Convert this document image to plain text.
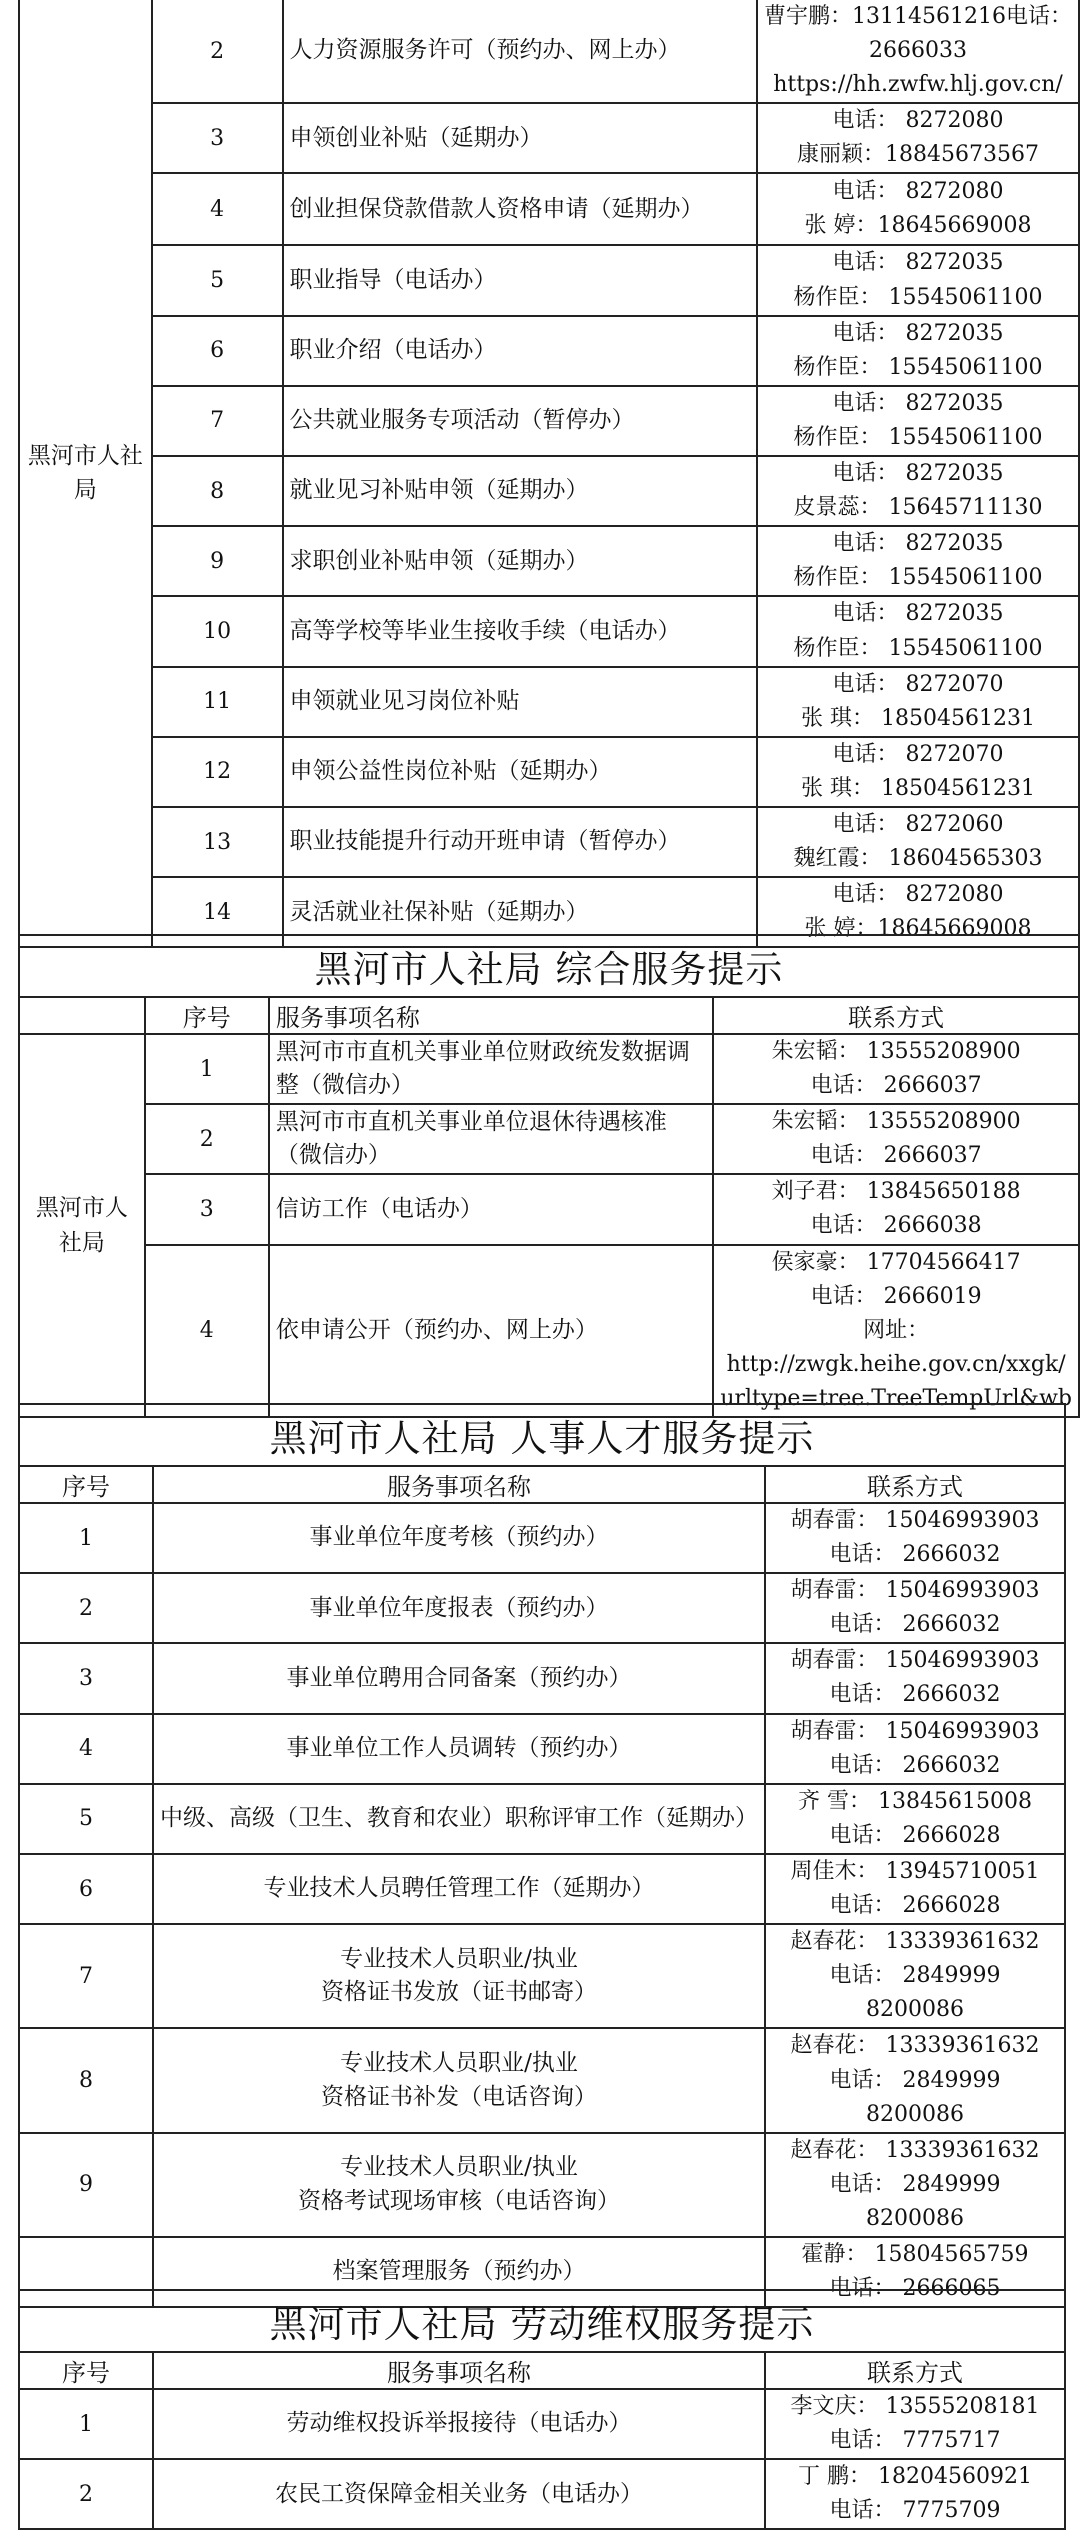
黑河市人社局	2	人力资源服务许可（预约办、网上办）	曹宇鹏：13114561216电话：
2666033
https://hh.zwfw.hlj.gov.cn/

	3	申领创业补贴（延期办）	电话： 8272080
康丽颖：18845673567

	4	创业担保贷款借款人资格申请（延期办）	电话： 8272080
张 婷：18645669008

	5	职业指导（电话办）	电话： 8272035
杨作臣： 15545061100

	6	职业介绍（电话办）	电话： 8272035
杨作臣： 15545061100

	7	公共就业服务专项活动（暂停办）	电话： 8272035
杨作臣： 15545061100

	8	就业见习补贴申领（延期办）	电话： 8272035
皮景蕊： 15645711130

	9	求职创业补贴申领（延期办）	电话： 8272035
杨作臣： 15545061100

	10	高等学校等毕业生接收手续（电话办）	电话： 8272035
杨作臣： 15545061100

	11	申领就业见习岗位补贴	电话： 8272070
张 琪： 18504561231

	12	申领公益性岗位补贴（延期办）	电话： 8272070
张 琪： 18504561231

	13	职业技能提升行动开班申请（暂停办）	电话： 8272060
魏红霞： 18604565303

	14	灵活就业社保补贴（延期办）	电话： 8272080
张 婷：18645669008
黑河市人社局 综合服务提示			
	序号	服务事项名称	联系方式
黑河市人社局	1	黑河市市直机关事业单位财政统发数据调整（微信办）	朱宏韬： 13555208900
电话： 2666037

	2	黑河市市直机关事业单位退休待遇核准（微信办）	朱宏韬： 13555208900
电话： 2666037

	3	信访工作（电话办）	刘子君： 13845650188
电话： 2666038

	4	依申请公开（预约办、网上办）	侯家豪： 17704566417
电话： 2666019
网址：
http://zwgk.heihe.gov.cn/xxgk/
urltype=tree.TreeTempUrl&wb
黑河市人社局 人事人才服务提示		
序号	服务事项名称	联系方式
1	事业单位年度考核（预约办）	胡春雷： 15046993903
电话： 2666032

2	事业单位年度报表（预约办）	胡春雷： 15046993903
电话： 2666032

3	事业单位聘用合同备案（预约办）	胡春雷： 15046993903
电话： 2666032

4	事业单位工作人员调转（预约办）	胡春雷： 15046993903
电话： 2666032

5	中级、高级（卫生、教育和农业）职称评审工作（延期办）	齐 雪： 13845615008
电话： 2666028

6	专业技术人员聘任管理工作（延期办）	周佳木： 13945710051
电话： 2666028

7	专业技术人员职业/执业
资格证书发放（证书邮寄）	赵春花： 13339361632
电话： 2849999
8200086

8	专业技术人员职业/执业
资格证书补发（电话咨询）	赵春花： 13339361632
电话： 2849999
8200086

9	专业技术人员职业/执业
资格考试现场审核（电话咨询）	赵春花： 13339361632
电话： 2849999
8200086

	档案管理服务（预约办）	霍静： 15804565759
电话： 2666065
黑河市人社局 劳动维权服务提示		
序号	服务事项名称	联系方式
1	劳动维权投诉举报接待（电话办）	李文庆： 13555208181
电话： 7775717

2	农民工资保障金相关业务（电话办）	丁 鹏： 18204560921
电话： 7775709
